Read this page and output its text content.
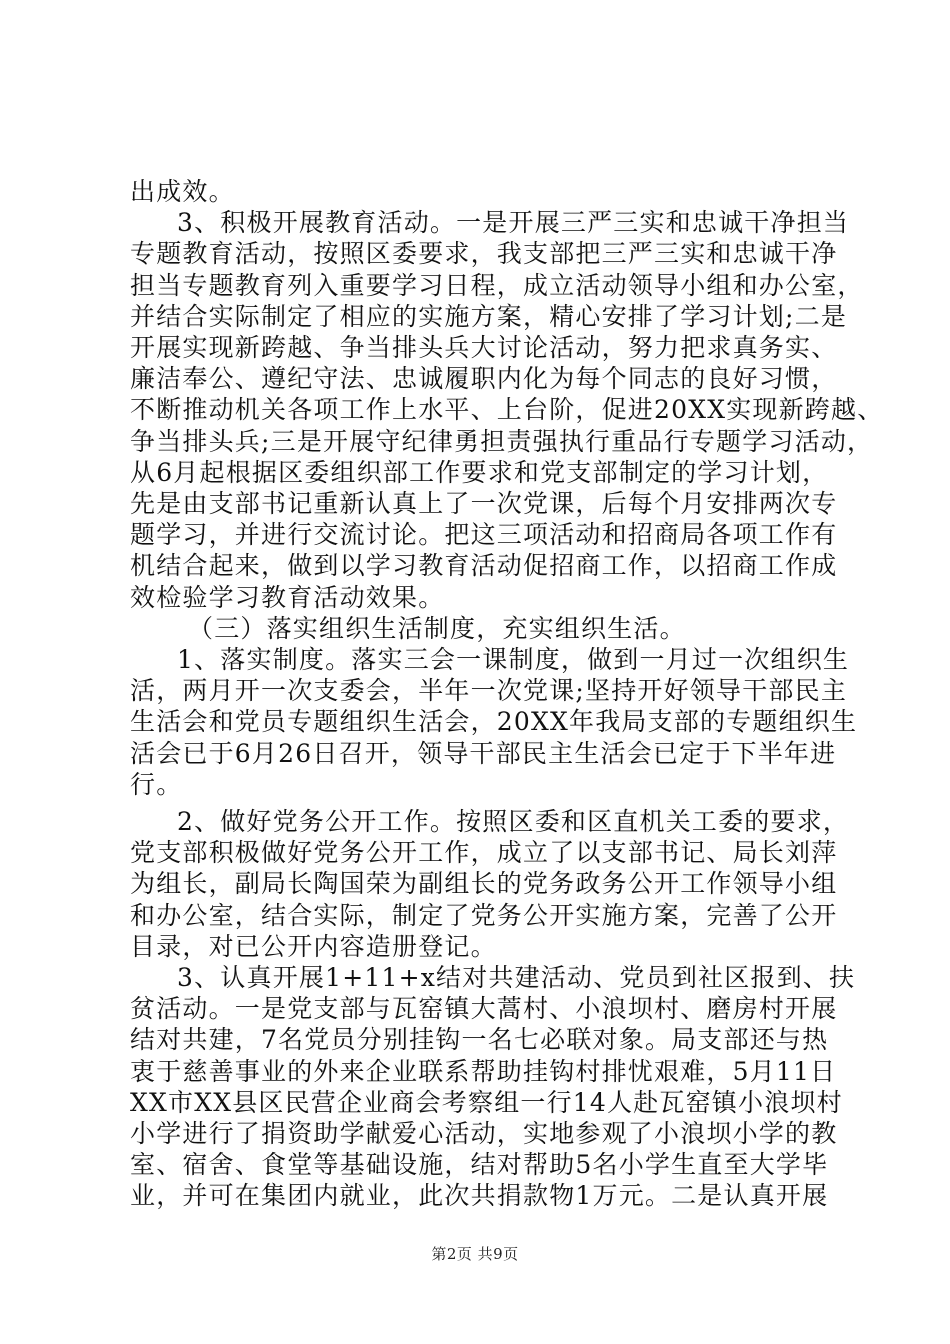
出成效。
3、积极开展教育活动。一是开展三严三实和忠诚干净担当
专题教育活动，按照区委要求，我支部把三严三实和忠诚干净
担当专题教育列入重要学习日程，成立活动领导小组和办公室，
并结合实际制定了相应的实施方案，精心安排了学习计划;二是
开展实现新跨越、争当排头兵大讨论活动，努力把求真务实、
廉洁奉公、遵纪守法、忠诚履职内化为每个同志的良好习惯，
不断推动机关各项工作上水平、上台阶，促进20XX实现新跨越、
争当排头兵;三是开展守纪律勇担责强执行重品行专题学习活动，
从6月起根据区委组织部工作要求和党支部制定的学习计划，
先是由支部书记重新认真上了一次党课，后每个月安排两次专
题学习，并进行交流讨论。把这三项活动和招商局各项工作有
机结合起来，做到以学习教育活动促招商工作，以招商工作成
效检验学习教育活动效果。
（三）落实组织生活制度，充实组织生活。
1、落实制度。落实三会一课制度，做到一月过一次组织生
活，两月开一次支委会，半年一次党课;坚持开好领导干部民主
生活会和党员专题组织生活会，20XX年我局支部的专题组织生
活会已于6月26日召开，领导干部民主生活会已定于下半年进
行。
2、做好党务公开工作。按照区委和区直机关工委的要求，
党支部积极做好党务公开工作，成立了以支部书记、局长刘萍
为组长，副局长陶国荣为副组长的党务政务公开工作领导小组
和办公室，结合实际，制定了党务公开实施方案，完善了公开
目录，对已公开内容造册登记。
3、认真开展1+11+x结对共建活动、党员到社区报到、扶
贫活动。一是党支部与瓦窑镇大蒿村、小浪坝村、磨房村开展
结对共建，7名党员分别挂钩一名七必联对象。局支部还与热
衷于慈善事业的外来企业联系帮助挂钩村排忧艰难，5月11日
XX市XX县区民营企业商会考察组一行14人赴瓦窑镇小浪坝村
小学进行了捐资助学献爱心活动，实地参观了小浪坝小学的教
室、宿舍、食堂等基础设施，结对帮助5名小学生直至大学毕
业，并可在集团内就业，此次共捐款物1万元。二是认真开展
第2页 共9页
